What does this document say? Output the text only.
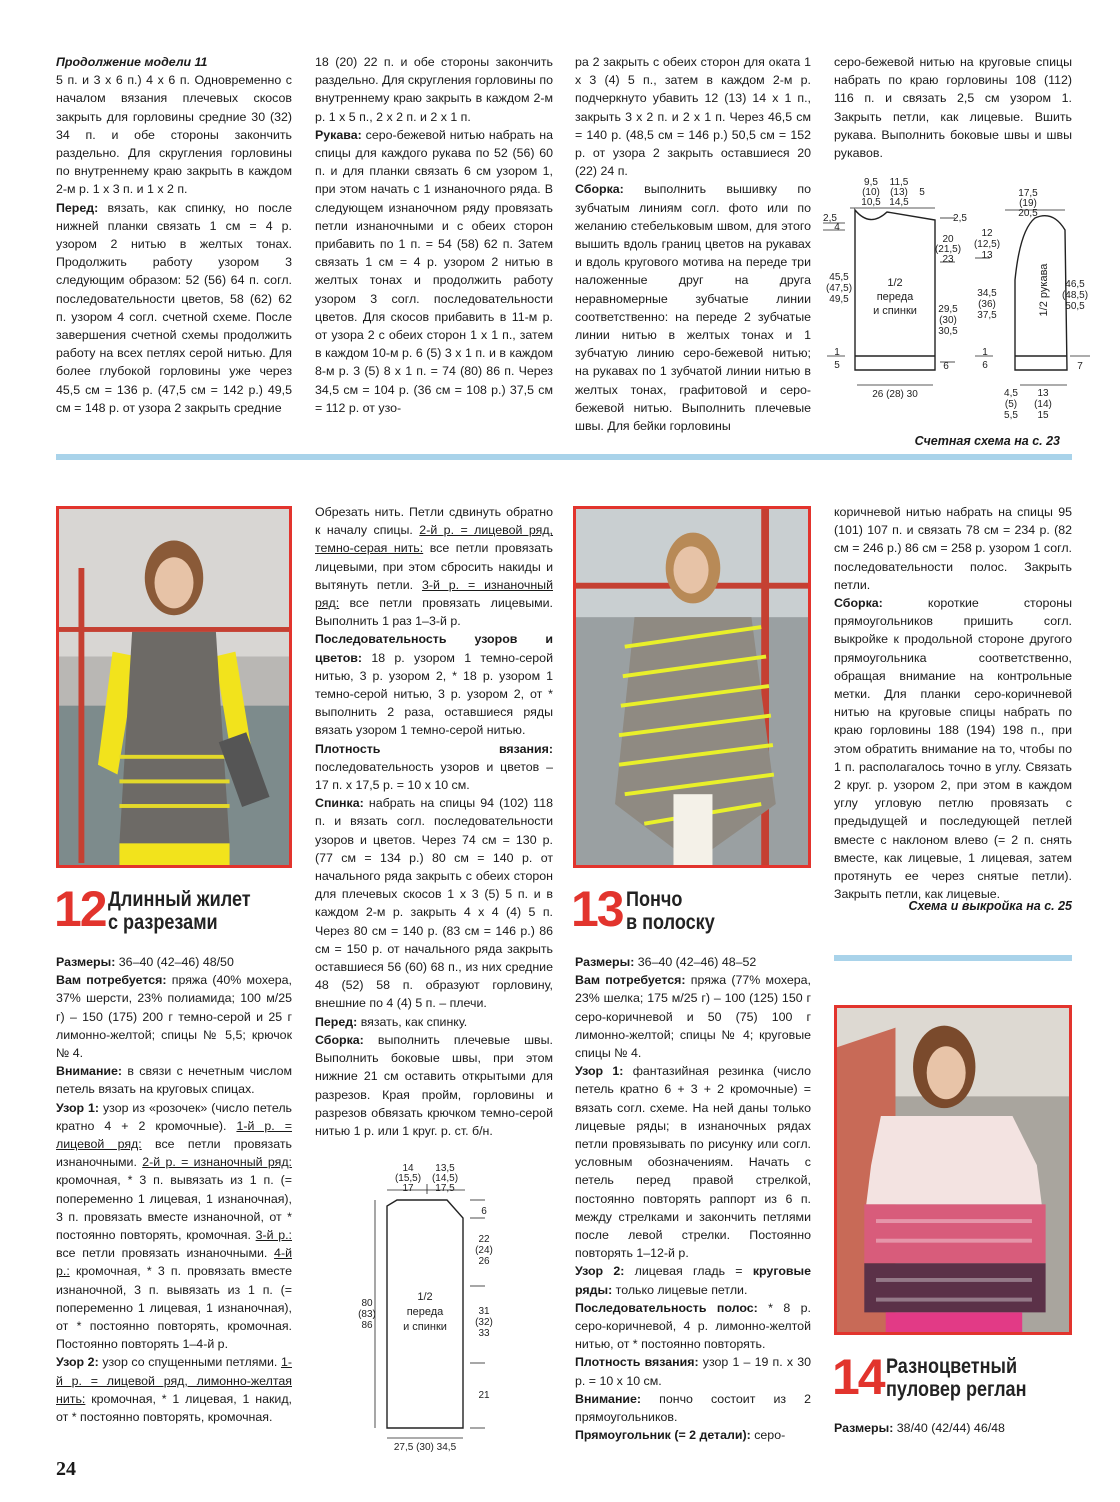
Продолжение модели 11

5 п. и 3 х 6 п.) 4 х 6 п. Одновременно с началом вязания плечевых скосов закрыть для горловины средние 30 (32) 34 п. и обе стороны закончить раздельно. Для скругления горловины по внутреннему краю закрыть в каждом 2-м р. 1 х 3 п. и 1 х 2 п.

Перед: вязать, как спинку, но после нижней планки связать 1 см = 4 р. узором 2 нитью в желтых тонах. Продолжить работу узором 3 следующим образом: 52 (56) 64 п. согл. последовательности цветов, 58 (62) 62 п. узором 4 согл. счетной схеме. После завершения счетной схемы продолжить работу на всех петлях серой нитью. Для более глубокой горловины уже через 45,5 см = 136 р. (47,5 см = 142 р.) 49,5 см = 148 р. от узора 2 закрыть средние

18 (20) 22 п. и обе стороны закончить раздельно. Для скругления горловины по внутреннему краю закрыть в каждом 2-м р. 1 х 5 п., 2 х 2 п. и 2 х 1 п.

Рукава: серо-бежевой нитью набрать на спицы для каждого рукава по 52 (56) 60 п. и для планки связать 6 см узором 1, при этом начать с 1 изнаночного ряда. В следующем изнаночном ряду провязать петли изнаночными и с обеих сторон прибавить по 1 п. = 54 (58) 62 п. Затем связать 1 см = 4 р. узором 2 нитью в желтых тонах и продолжить работу узором 3 согл. последовательности цветов. Для скосов прибавить в 11-м р. от узора 2 с обеих сторон 1 х 1 п., затем в каждом 10-м р. 6 (5) 3 х 1 п. и в каждом 8-м р. 3 (5) 8 х 1 п. = 74 (80) 86 п. Через 34,5 см = 104 р. (36 см = 108 р.) 37,5 см = 112 р. от узо-

ра 2 закрыть с обеих сторон для оката 1 х 3 (4) 5 п., затем в каждом 2-м р. подчеркнуто убавить 12 (13) 14 х 1 п., закрыть 3 х 2 п. и 2 х 1 п. Через 46,5 см = 140 р. (48,5 см = 146 р.) 50,5 см = 152 р. от узора 2 закрыть оставшиеся 20 (22) 24 п.

Сборка: выполнить вышивку по зубчатым линиям согл. фото или по желанию стебельковым швом, для этого вышить вдоль границ цветов на рукавах и вдоль кругового мотива на переде три наложенные друг на друга неравномерные зубчатые линии соответственно: на переде 2 зубчатые линии нитью в желтых тонах и 1 зубчатую линию серо-бежевой нитью; на рукавах по 1 зубчатой линии нитью в желтых тонах, графитовой и серо-бежевой нитью. Выполнить плечевые швы. Для бейки горловины

серо-бежевой нитью на круговые спицы набрать по краю горловины 108 (112) 116 п. и связать 2,5 см узором 1. Закрыть петли, как лицевые. Вшить рукава. Выполнить боковые швы и швы рукавов.

9,5
(10)
10,5
11,5
(13)
14,5
5
2,5
4
2,5
20
(21,5)
23
45,5
(47,5)
49,5
1/2
переда
и спинки 29,5
(30)
30,5
1
5	6
26 (28) 30
17,5
(19)
20,5
12
(12,5)
13
34,5
(36)
37,5
46,5
(48,5)
50,5
1
6	7
4,5
(5)
5,5
13
(14)
15
1/2 рукава
Счетная схема на с. 23
12 Длинный жилет
с разрезами

Размеры: 36–40 (42–46) 48/50

Вам потребуется: пряжа (40% мохера, 37% шерсти, 23% полиамида; 100 м/25 г) – 150 (175) 200 г темно-серой и 25 г лимонно-желтой; спицы № 5,5; крючок № 4.

Внимание: в связи с нечетным числом петель вязать на круговых спицах.

Узор 1: узор из «розочек» (число петель кратно 4 + 2 кромочные). 1-й р. = лицевой ряд: все петли провязать изнаночными. 2-й р. = изнаночный ряд: кромочная, * 3 п. вывязать из 1 п. (= попеременно 1 лицевая, 1 изнаночная), 3 п. провязать вместе изнаночной, от * постоянно повторять, кромочная. 3-й р.: все петли провязать изнаночными. 4-й р.: кромочная, * 3 п. провязать вместе изнаночной, 3 п. вывязать из 1 п. (= попеременно 1 лицевая, 1 изнаночная), от * постоянно повторять, кромочная. Постоянно повторять 1–4-й р.

Узор 2: узор со спущенными петлями. 1-й р. = лицевой ряд, лимонно-желтая нить: кромочная, * 1 лицевая, 1 накид, от * постоянно повторять, кромочная.

Обрезать нить. Петли сдвинуть обратно к началу спицы. 2-й р. = лицевой ряд, темно-серая нить: все петли провязать лицевыми, при этом сбросить накиды и вытянуть петли. 3-й р. = изнаночный ряд: все петли провязать лицевыми. Выполнить 1 раз 1–3-й р.

Последовательность узоров и цветов: 18 р. узором 1 темно-серой нитью, 3 р. узором 2, * 18 р. узором 1 темно-серой нитью, 3 р. узором 2, от * выполнить 2 раза, оставшиеся ряды вязать узором 1 темно-серой нитью.

Плотность вязания: последовательность узоров и цветов – 17 п. х 17,5 р. = 10 х 10 см.

Спинка: набрать на спицы 94 (102) 118 п. и вязать согл. последовательности узоров и цветов. Через 74 см = 130 р. (77 см = 134 р.) 80 см = 140 р. от начального ряда закрыть с обеих сторон для плечевых скосов 1 х 3 (5) 5 п. и в каждом 2-м р. закрыть 4 х 4 (4) 5 п. Через 80 см = 140 р. (83 см = 146 р.) 86 см = 150 р. от начального ряда закрыть оставшиеся 56 (60) 68 п., из них средние 48 (52) 58 п. образуют горловину, внешние по 4 (4) 5 п. – плечи.

Перед: вязать, как спинку.

Сборка: выполнить плечевые швы. Выполнить боковые швы, при этом нижние 21 см оставить открытыми для разрезов. Края пройм, горловины и разрезов обвязать крючком темно-серой нитью 1 р. или 1 круг. р. ст. б/н.

14
(15,5)
17
13,5
(14,5)
17,5
6
22
(24)
26
31
(32)
33
21
80
(83)
86
1/2
переда
и спинки
27,5 (30) 34,5
13 Пончо
в полоску

Размеры: 36–40 (42–46) 48–52

Вам потребуется: пряжа (77% мохера, 23% шелка; 175 м/25 г) – 100 (125) 150 г серо-коричневой и 50 (75) 100 г лимонно-желтой; спицы № 4; круговые спицы № 4.

Узор 1: фантазийная резинка (число петель кратно 6 + 3 + 2 кромочные) = вязать согл. схеме. На ней даны только лицевые ряды; в изнаночных рядах петли провязывать по рисунку или согл. условным обозначениям. Начать с петель перед правой стрелкой, постоянно повторять раппорт из 6 п. между стрелками и закончить петлями после левой стрелки. Постоянно повторять 1–12-й р.

Узор 2: лицевая гладь = круговые ряды: только лицевые петли.

Последовательность полос: * 8 р. серо-коричневой, 4 р. лимонно-желтой нитью, от * постоянно повторять.

Плотность вязания: узор 1 – 19 п. х 30 р. = 10 х 10 см.

Внимание: пончо состоит из 2 прямоугольников.

Прямоугольник (= 2 детали): серо-

коричневой нитью набрать на спицы 95 (101) 107 п. и связать 78 см = 234 р. (82 см = 246 р.) 86 см = 258 р. узором 1 согл. последовательности полос. Закрыть петли.

Сборка:	короткие стороны прямоугольников пришить согл. выкройке к продольной стороне другого прямоугольника соответственно, обращая внимание на контрольные метки. Для планки серо-коричневой нитью на круговые спицы набрать по краю горловины 188 (194) 198 п., при этом обратить внимание на то, чтобы по 1 п. располагалось точно в углу. Связать 2 круг. р. узором 2, при этом в каждом углу угловую петлю провязать с предыдущей и последующей петлей вместе с наклоном влево (= 2 п. снять вместе, как лицевые, 1 лицевая, затем протянуть ее через снятые петли). Закрыть петли, как лицевые.

Схема и выкройка на с. 25
14 Разноцветный
пуловер реглан

Размеры: 38/40 (42/44) 46/48

24
